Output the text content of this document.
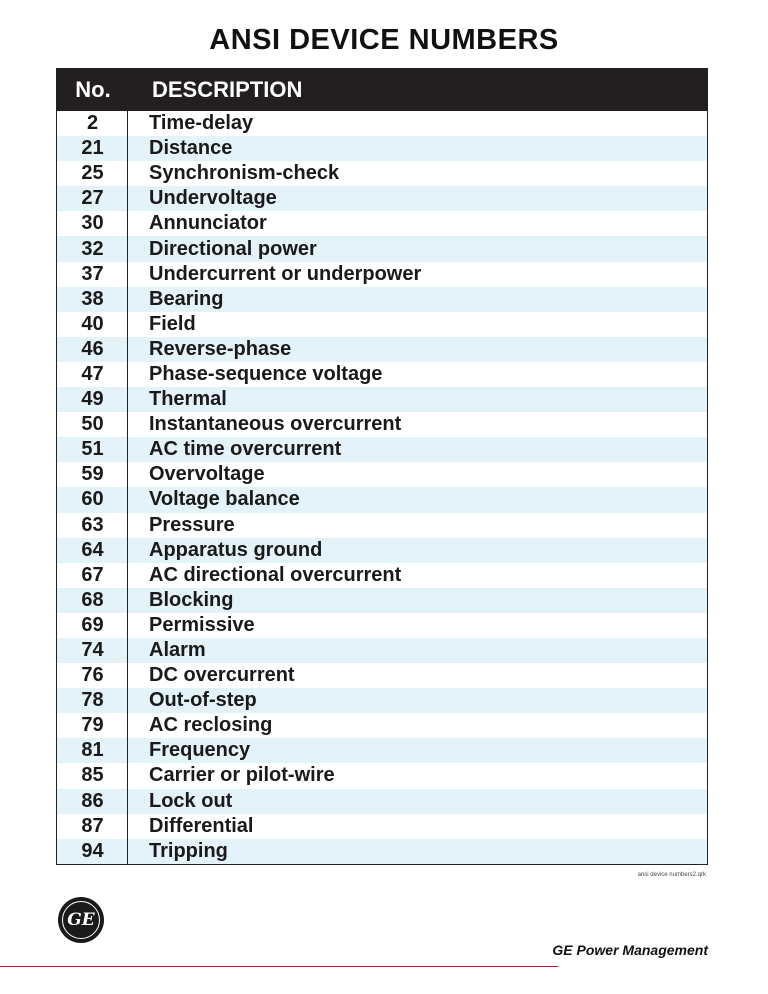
ANSI DEVICE NUMBERS
No.	DESCRIPTION
2	Time-delay
21	Distance
25	Synchronism-check
27	Undervoltage
30	Annunciator
32	Directional power
37	Undercurrent or underpower
38	Bearing
40	Field
46	Reverse-phase
47	Phase-sequence voltage
49	Thermal
50	Instantaneous overcurrent
51	AC time overcurrent
59	Overvoltage
60	Voltage balance
63	Pressure
64	Apparatus ground
67	AC directional overcurrent
68	Blocking
69	Permissive
74	Alarm
76	DC overcurrent
78	Out-of-step
79	AC reclosing
81	Frequency
85	Carrier or pilot-wire
86	Lock out
87	Differential
94	Tripping
ansi device numbers2.qrk
GE
GE Power Management
